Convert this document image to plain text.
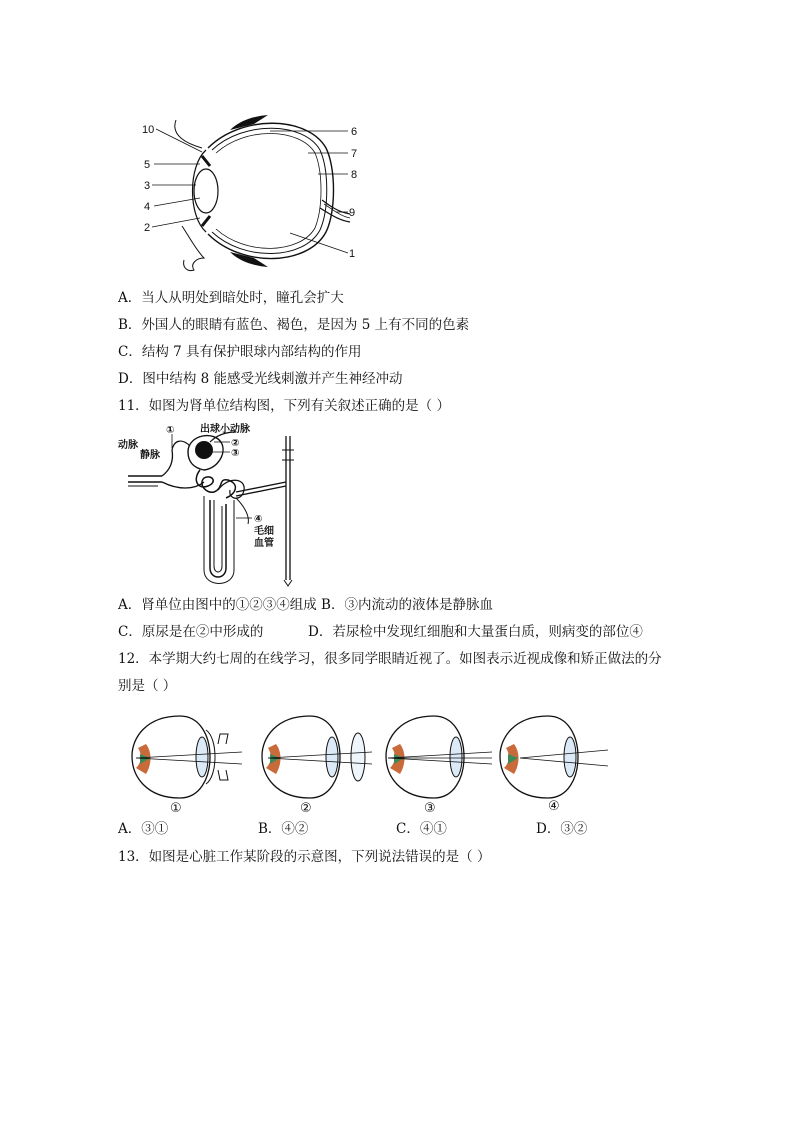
10
5
3
4
2
6
7
8
9
1
A．当人从明处到暗处时，瞳孔会扩大
B．外国人的眼睛有蓝色、褐色，是因为 5 上有不同的色素
C．结构 7 具有保护眼球内部结构的作用
D．图中结构 8 能感受光线刺激并产生神经冲动
11．如图为肾单位结构图，下列有关叙述正确的是（ ）
①	出球小动脉
②
③
动脉
静脉
④
毛细
血管
A．肾单位由图中的①②③④组成 B．③内流动的液体是静脉血
C．原尿是在②中形成的	D．若尿检中发现红细胞和大量蛋白质，则病变的部位④
12．本学期大约七周的在线学习，很多同学眼睛近视了。如图表示近视成像和矫正做法的分
别是（ ）
①	②	③	④
A．③①	B．④②	C．④①	D．③②
13．如图是心脏工作某阶段的示意图，下列说法错误的是（ ）
